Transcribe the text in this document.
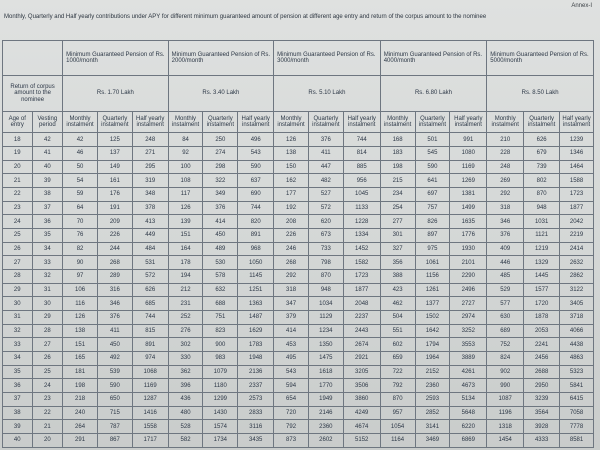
Annex-I
Monthly, Quarterly and Half yearly contributions under APY for different minimum guaranteed amount of pension at different age entry and return of the corpus amount to the nominee
		Minimum Guaranteed Pension of Rs. 1000/month			Minimum Guaranteed Pension of Rs. 2000/month			Minimum Guaranteed Pension of Rs. 3000/month			Minimum Guaranteed Pension of Rs. 4000/month			Minimum Guaranteed Pension of Rs. 5000/month		
Return of corpus amount to the nominee		Rs. 1.70 Lakh			Rs. 3.40 Lakh			Rs. 5.10 Lakh			Rs. 6.80 Lakh			Rs. 8.50 Lakh		
Age of entry	Vesting period	Monthly instalment	Quarterly instalment	Half yearly instalment	Monthly instalment	Quarterly instalment	Half yearly instalment	Monthly instalment	Quarterly instalment	Half yearly instalment	Monthly instalment	Quarterly instalment	Half yearly instalment	Monthly instalment	Quarterly instalment	Half yearly instalment
18	42	42	125	248	84	250	496	126	376	744	168	501	991	210	626	1239
19	41	46	137	271	92	274	543	138	411	814	183	545	1080	228	679	1346
20	40	50	149	295	100	298	590	150	447	885	198	590	1169	248	739	1464
21	39	54	161	319	108	322	637	162	482	956	215	641	1269	269	802	1588
22	38	59	176	348	117	349	690	177	527	1045	234	697	1381	292	870	1723
23	37	64	191	378	126	376	744	192	572	1133	254	757	1499	318	948	1877
24	36	70	209	413	139	414	820	208	620	1228	277	826	1635	346	1031	2042
25	35	76	226	449	151	450	891	226	673	1334	301	897	1776	376	1121	2219
26	34	82	244	484	164	489	968	246	733	1452	327	975	1930	409	1219	2414
27	33	90	268	531	178	530	1050	268	798	1582	356	1061	2101	446	1329	2632
28	32	97	289	572	194	578	1145	292	870	1723	388	1156	2290	485	1445	2862
29	31	106	316	626	212	632	1251	318	948	1877	423	1261	2496	529	1577	3122
30	30	116	346	685	231	688	1363	347	1034	2048	462	1377	2727	577	1720	3405
31	29	126	376	744	252	751	1487	379	1129	2237	504	1502	2974	630	1878	3718
32	28	138	411	815	276	823	1629	414	1234	2443	551	1642	3252	689	2053	4066
33	27	151	450	891	302	900	1783	453	1350	2674	602	1794	3553	752	2241	4438
34	26	165	492	974	330	983	1948	495	1475	2921	659	1964	3889	824	2456	4863
35	25	181	539	1068	362	1079	2136	543	1618	3205	722	2152	4261	902	2688	5323
36	24	198	590	1169	396	1180	2337	594	1770	3506	792	2360	4673	990	2950	5841
37	23	218	650	1287	436	1299	2573	654	1949	3860	870	2593	5134	1087	3239	6415
38	22	240	715	1416	480	1430	2833	720	2146	4249	957	2852	5648	1196	3564	7058
39	21	264	787	1558	528	1574	3116	792	2360	4674	1054	3141	6220	1318	3928	7778
40	20	291	867	1717	582	1734	3435	873	2602	5152	1164	3469	6869	1454	4333	8581
